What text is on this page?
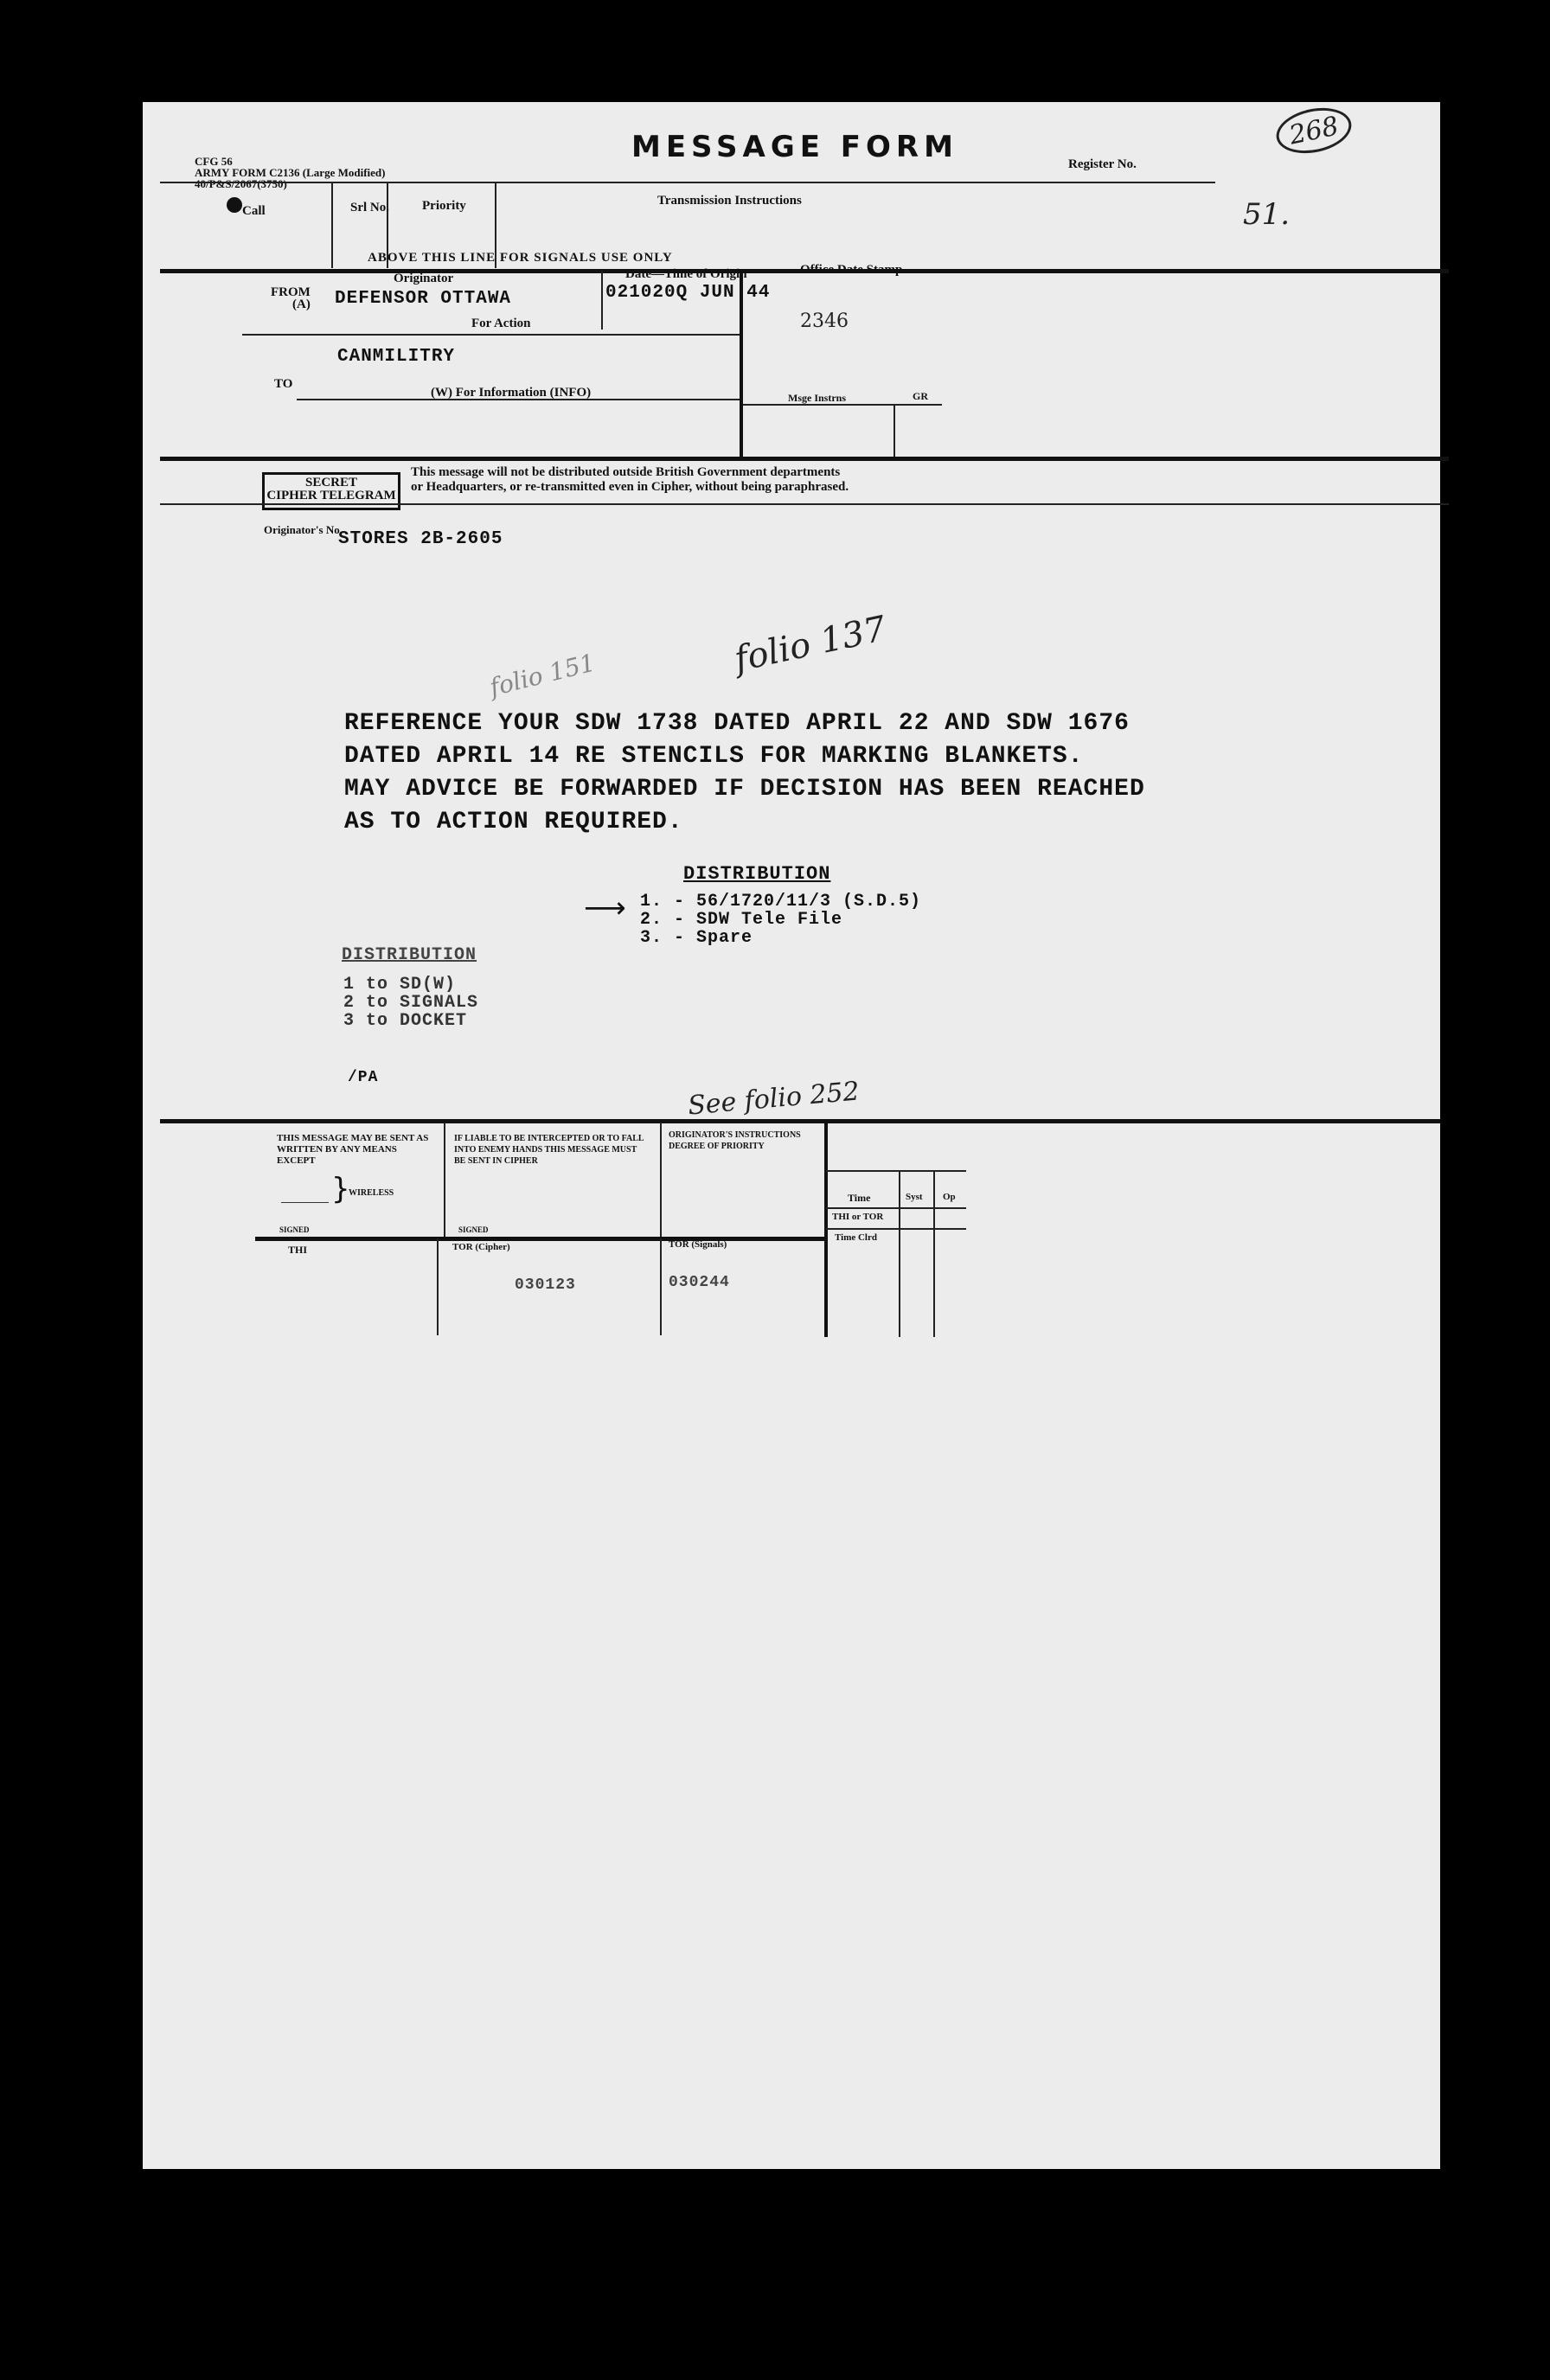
CFG 56
ARMY FORM C2136 (Large Modified)
40/P&S/2067(3750)
MESSAGE FORM	Register No.
268
51.
Call	Srl No.	Priority	Transmission Instructions
ABOVE THIS LINE FOR SIGNALS USE ONLY
Originator	Date—Time of Origin
FROM
(A) DEFENSOR OTTAWA	021020Q JUN 44
Office Date Stamp
2346
For Action
CANMILITRY
TO
(W) For Information (INFO)	Msge Instrns	GR
SECRET
CIPHER TELEGRAM
This message will not be distributed outside British Government departments
or Headquarters, or re-transmitted even in Cipher, without being paraphrased.
Originator's No.
STORES 2B-2605
folio 137
folio 151
REFERENCE YOUR SDW 1738 DATED APRIL 22 AND SDW 1676
DATED APRIL 14 RE STENCILS FOR MARKING BLANKETS.
MAY ADVICE BE FORWARDED IF DECISION HAS BEEN REACHED
AS TO ACTION REQUIRED.
DISTRIBUTION
⟶ 1. - 56/1720/11/3 (S.D.5)
2. - SDW Tele File
3. - Spare
DISTRIBUTION
1 to SD(W)
2 to SIGNALS
3 to DOCKET
/PA	See folio 252
THIS MESSAGE MAY BE SENT AS
WRITTEN BY ANY MEANS
EXCEPT
}
WIRELESS
SIGNED
IF LIABLE TO BE INTERCEPTED OR TO FALL
INTO ENEMY HANDS THIS MESSAGE MUST
BE SENT IN CIPHER
SIGNED
ORIGINATOR'S INSTRUCTIONS
DEGREE OF PRIORITY
Time	Syst Op
THI or TOR
Time Clrd
THI	TOR (Cipher)
030123
TOR (Signals)
030244
